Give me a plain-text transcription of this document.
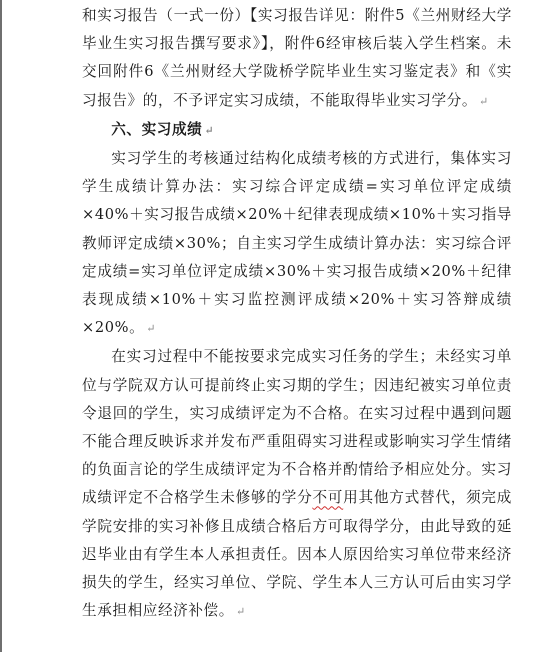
和实习报告（一式一份）【实习报告详见：附件5《兰州财经大学毕业生实习报告撰写要求》】，附件6经审核后装入学生档案。未交回附件6《兰州财经大学陇桥学院毕业生实习鉴定表》和《实习报告》的，不予评定实习成绩，不能取得毕业实习学分。 ↵

六、实习成绩 ↵

实习学生的考核通过结构化成绩考核的方式进行，集体实习学生成绩计算办法：实习综合评定成绩=实习单位评定成绩×40%＋实习报告成绩×20%＋纪律表现成绩×10%＋实习指导教师评定成绩×30%；自主实习学生成绩计算办法：实习综合评定成绩=实习单位评定成绩×30%＋实习报告成绩×20%＋纪律表现成绩×10%＋实习监控测评成绩×20%＋实习答辩成绩×20%。 ↵

在实习过程中不能按要求完成实习任务的学生；未经实习单位与学院双方认可提前终止实习期的学生；因违纪被实习单位责令退回的学生，实习成绩评定为不合格。在实习过程中遇到问题不能合理反映诉求并发布严重阻碍实习进程或影响实习学生情绪的负面言论的学生成绩评定为不合格并酌情给予相应处分。实习成绩评定不合格学生未修够的学分不可用其他方式替代，须完成学院安排的实习补修且成绩合格后方可取得学分，由此导致的延迟毕业由有学生本人承担责任。因本人原因给实习单位带来经济损失的学生，经实习单位、学院、学生本人三方认可后由实习学生承担相应经济补偿。 ↵
